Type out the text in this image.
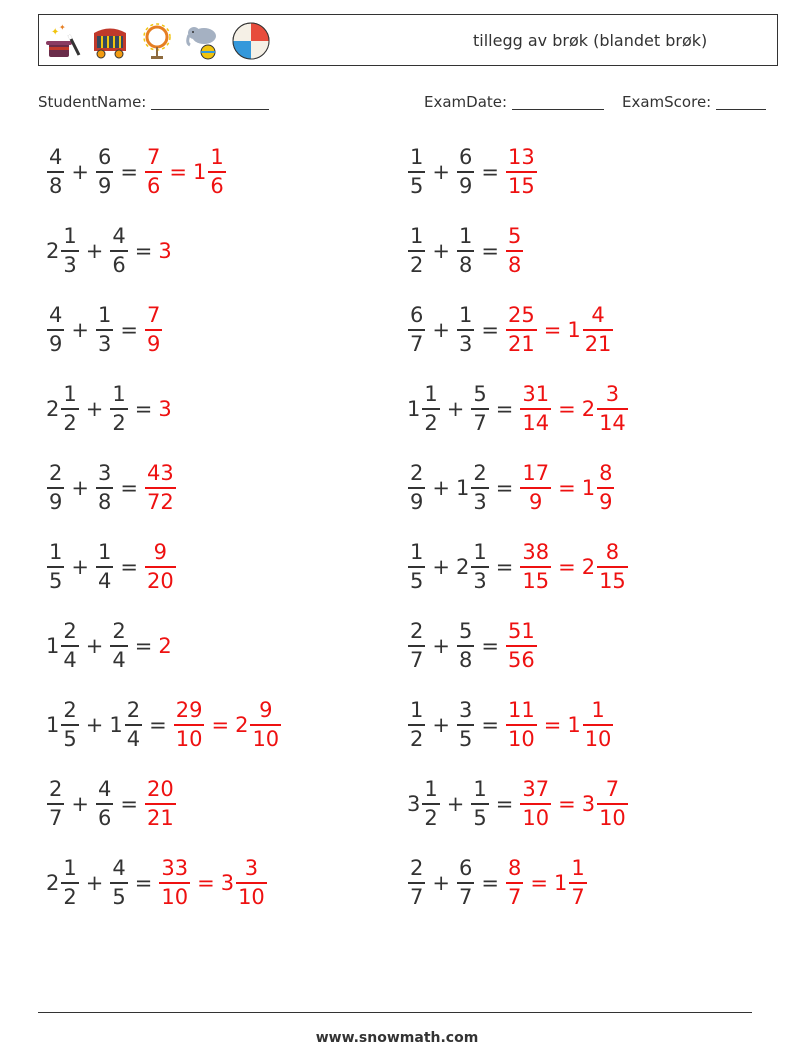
✦ ✦
tillegg av brøk (blandet brøk)
StudentName:	ExamDate:	ExamScore:
$\frac{4}{8} + \frac{6}{9} = \frac{7}{6} = 1 \frac{1}{6}$
$2 \frac{1}{3} + \frac{4}{6} = 3$
$\frac{4}{9} + \frac{1}{3} = \frac{7}{9}$
$2 \frac{1}{2} + \frac{1}{2} = 3$
$\frac{2}{9} + \frac{3}{8} = \frac{43}{72}$
$\frac{1}{5} + \frac{1}{4} = \frac{9}{20}$
$1 \frac{2}{4} + \frac{2}{4} = 2$
$1 \frac{2}{5} + 1 \frac{2}{4} = \frac{29}{10} = 2 \frac{9}{10}$
$\frac{2}{7} + \frac{4}{6} = \frac{20}{21}$
$2 \frac{1}{2} + \frac{4}{5} = \frac{33}{10} = 3 \frac{3}{10}$
$\frac{1}{5} + \frac{6}{9} = \frac{13}{15}$
$\frac{1}{2} + \frac{1}{8} = \frac{5}{8}$
$\frac{6}{7} + \frac{1}{3} = \frac{25}{21} = 1 \frac{4}{21}$
$1 \frac{1}{2} + \frac{5}{7} = \frac{31}{14} = 2 \frac{3}{14}$
$\frac{2}{9} + 1 \frac{2}{3} = \frac{17}{9} = 1 \frac{8}{9}$
$\frac{1}{5} + 2 \frac{1}{3} = \frac{38}{15} = 2 \frac{8}{15}$
$\frac{2}{7} + \frac{5}{8} = \frac{51}{56}$
$\frac{1}{2} + \frac{3}{5} = \frac{11}{10} = 1 \frac{1}{10}$
$3 \frac{1}{2} + \frac{1}{5} = \frac{37}{10} = 3 \frac{7}{10}$
$\frac{2}{7} + \frac{6}{7} = \frac{8}{7} = 1 \frac{1}{7}$
www.snowmath.com
